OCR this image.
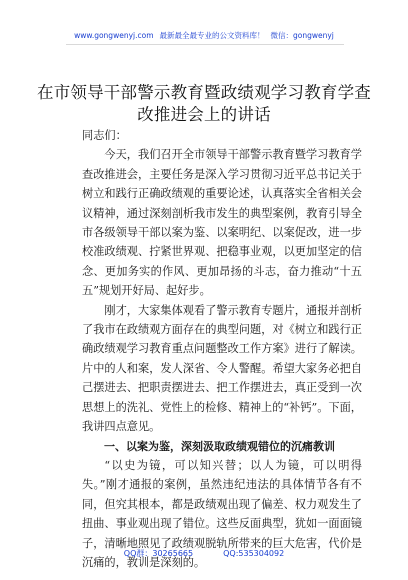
www.gongwenyj.com 最新最全最专业的公文资料库！ 微信：gongwenyj
在市领导干部警示教育暨政绩观学习教育学查改推进会上的讲话

同志们：

今天，我们召开全市领导干部警示教育暨学习教育学查改推进会，主要任务是深入学习贯彻习近平总书记关于树立和践行正确政绩观的重要论述，认真落实全省相关会议精神，通过深刻剖析我市发生的典型案例，教育引导全市各级领导干部以案为鉴、以案明纪、以案促改，进一步校准政绩观、拧紧世界观、把稳事业观，以更加坚定的信念、更加务实的作风、更加昂扬的斗志，奋力推动“十五五”规划开好局、起好步。

刚才，大家集体观看了警示教育专题片，通报并剖析了我市在政绩观方面存在的典型问题，对《树立和践行正确政绩观学习教育重点问题整改工作方案》进行了解读。片中的人和案，发人深省、令人警醒。希望大家务必把自己摆进去、把职责摆进去、把工作摆进去，真正受到一次思想上的洗礼、党性上的检修、精神上的“补钙”。下面，我讲四点意见。

一、以案为鉴，深刻汲取政绩观错位的沉痛教训

“以史为镜，可以知兴替；以人为镜，可以明得失。”刚才通报的案例，虽然违纪违法的具体情节各有不同，但究其根本，都是政绩观出现了偏差、权力观发生了扭曲、事业观出现了错位。这些反面典型，犹如一面面镜子，清晰地照见了政绩观脱轨所带来的巨大危害，代价是沉痛的，教训是深刻的。

QQ群：30265665	QQ:535304092
